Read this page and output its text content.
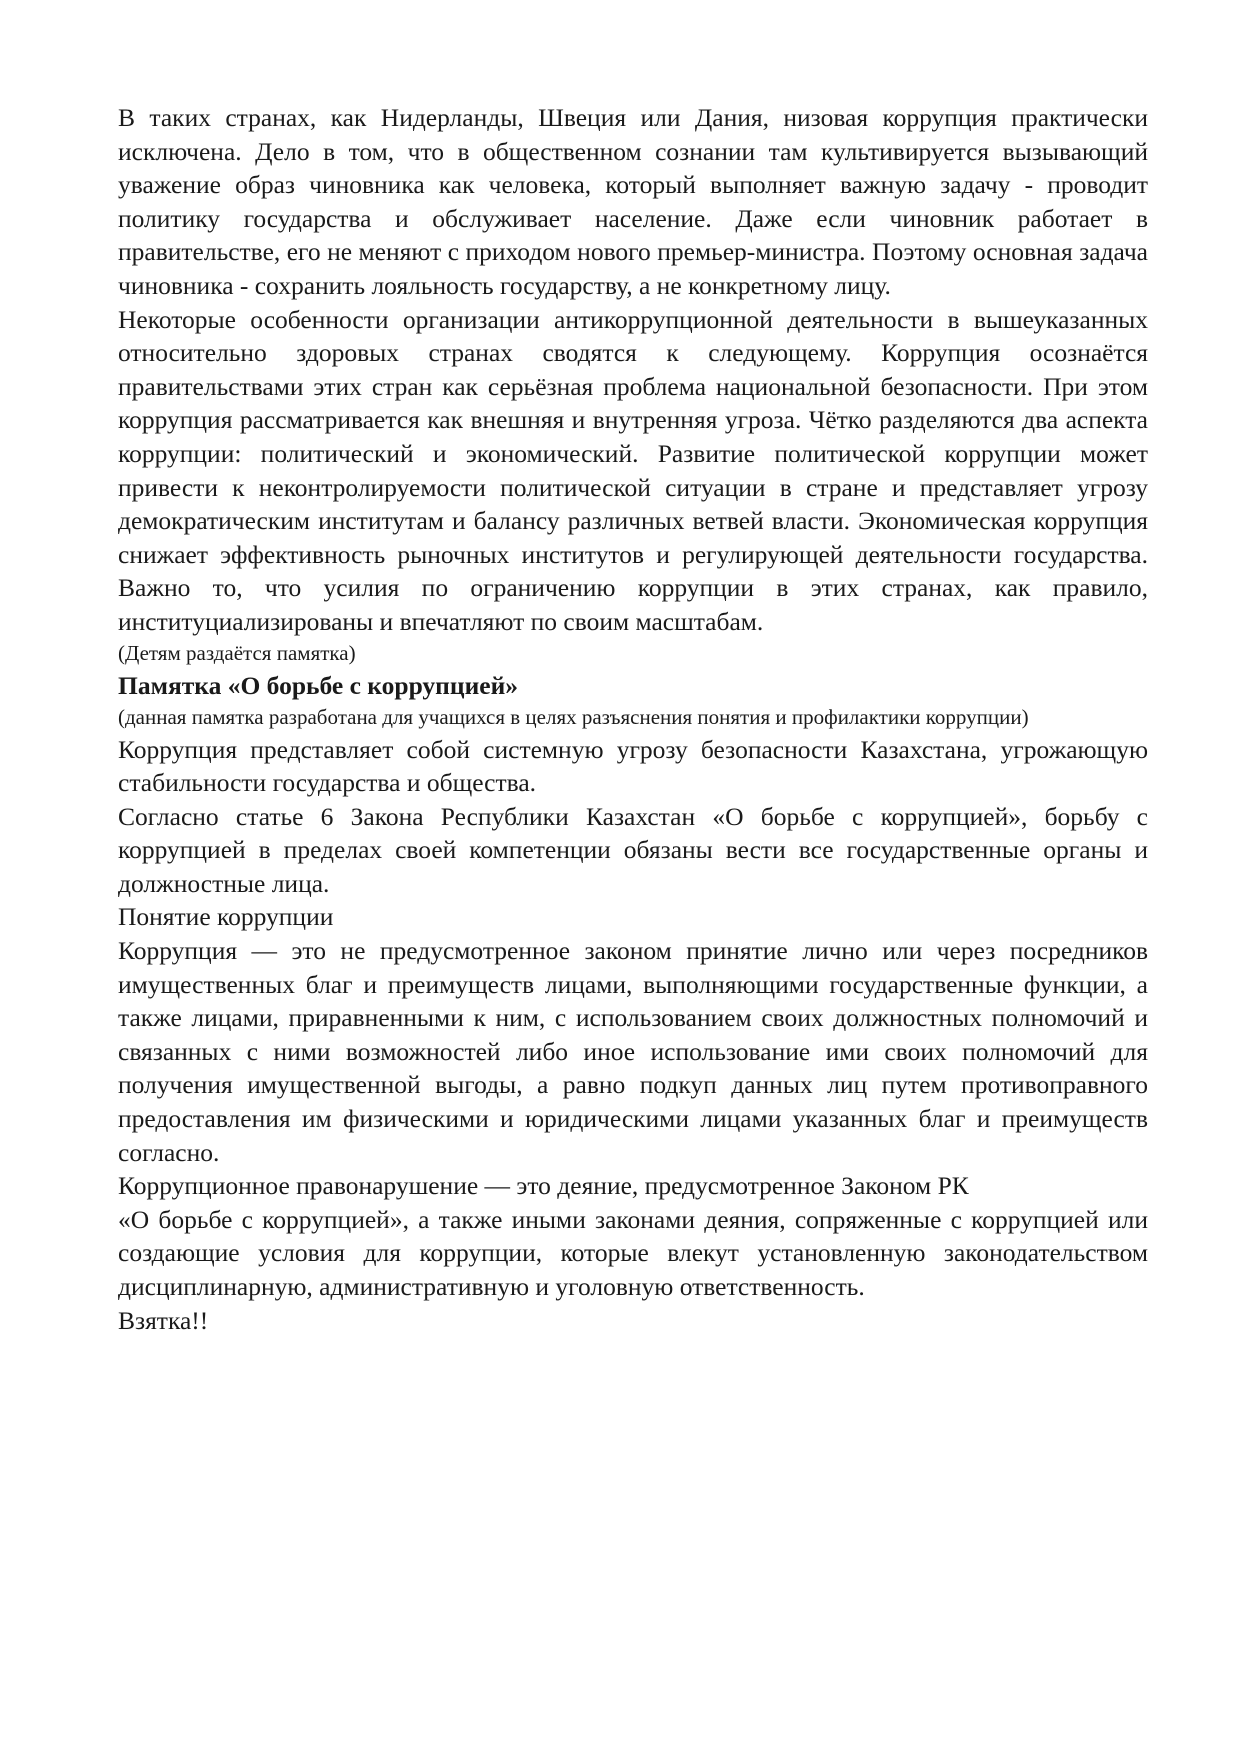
В таких странах, как Нидерланды, Швеция или Дания, низовая коррупция практически исключена. Дело в том, что в общественном сознании там культивируется вызывающий уважение образ чиновника как человека, который выполняет важную задачу - проводит политику государства и обслуживает население. Даже если чиновник работает в правительстве, его не меняют с приходом нового премьер-министра. Поэтому основная задача чиновника - сохранить лояльность государству, а не конкретному лицу.

Некоторые особенности организации антикоррупционной деятельности в вышеуказанных относительно здоровых странах сводятся к следующему. Коррупция осознаётся правительствами этих стран как серьёзная проблема национальной безопасности. При этом коррупция рассматривается как внешняя и внутренняя угроза. Чётко разделяются два аспекта коррупции: политический и экономический. Развитие политической коррупции может привести к неконтролируемости политической ситуации в стране и представляет угрозу демократическим институтам и балансу различных ветвей власти. Экономическая коррупция снижает эффективность рыночных институтов и регулирующей деятельности государства. Важно то, что усилия по ограничению коррупции в этих странах, как правило, институциализированы и впечатляют по своим масштабам.

(Детям раздаётся памятка)

Памятка «О борьбе с коррупцией»

(данная памятка разработана для учащихся в целях разъяснения понятия и профилактики коррупции)

Коррупция представляет собой системную угрозу безопасности Казахстана, угрожающую стабильности государства и общества.

Согласно статье 6 Закона Республики Казахстан «О борьбе с коррупцией», борьбу с коррупцией в пределах своей компетенции обязаны вести все государственные органы и должностные лица.

Понятие коррупции

Коррупция — это не предусмотренное законом принятие лично или через посредников имущественных благ и преимуществ лицами, выполняющими государственные функции, а также лицами, приравненными к ним, с использованием своих должностных полномочий и связанных с ними возможностей либо иное использование ими своих полномочий для получения имущественной выгоды, а равно подкуп данных лиц путем противоправного предоставления им физическими и юридическими лицами указанных благ и преимуществ согласно.

Коррупционное правонарушение — это деяние, предусмотренное Законом РК

«О борьбе с коррупцией», а также иными законами деяния, сопряженные с коррупцией или создающие условия для коррупции, которые влекут установленную законодательством дисциплинарную, административную и уголовную ответственность.

Взятка!!
